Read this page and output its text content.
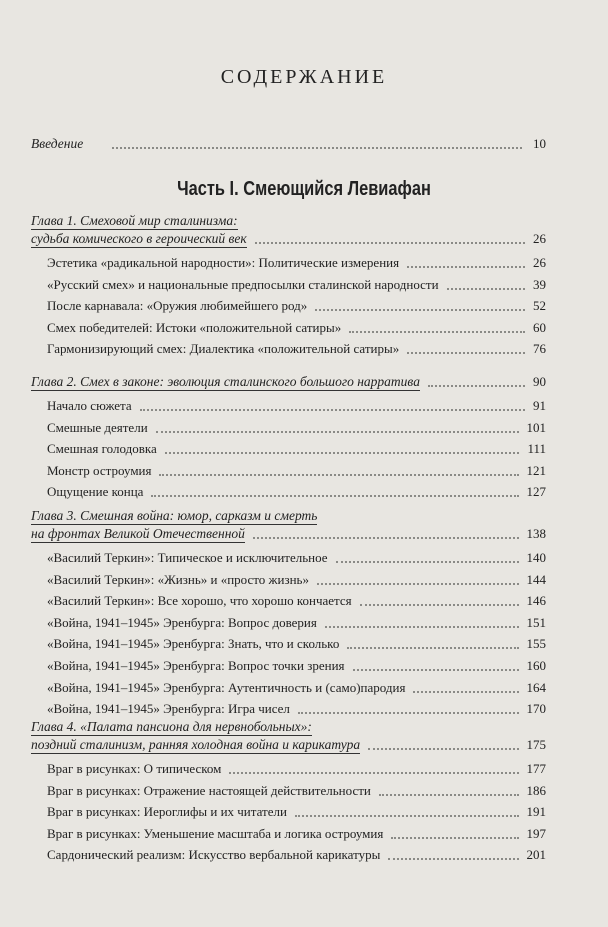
СОДЕРЖАНИЕ
Введение	10
Часть I. Смеющийся Левиафан
Глава 1. Смеховой мир сталинизма:
судьба комического в героический век	26
Эстетика «радикальной народности»: Политические измерения	26
«Русский смех» и национальные предпосылки сталинской народности	39
После карнавала: «Оружия любимейшего род»	52
Смех победителей: Истоки «положительной сатиры»	60
Гармонизирующий смех: Диалектика «положительной сатиры»	76
Глава 2. Смех в законе: эволюция сталинского большого нарратива	90
Начало сюжета	91
Смешные деятели	101
Смешная голодовка	111
Монстр остроумия	121
Ощущение конца	127
Глава 3. Смешная война: юмор, сарказм и смерть
на фронтах Великой Отечественной	138
«Василий Теркин»: Типическое и исключительное	140
«Василий Теркин»: «Жизнь» и «просто жизнь»	144
«Василий Теркин»: Все хорошо, что хорошо кончается	146
«Война, 1941–1945» Эренбурга: Вопрос доверия	151
«Война, 1941–1945» Эренбурга: Знать, что и сколько	155
«Война, 1941–1945» Эренбурга: Вопрос точки зрения	160
«Война, 1941–1945» Эренбурга: Аутентичность и (само)пародия	164
«Война, 1941–1945» Эренбурга: Игра чисел	170
Глава 4. «Палата пансиона для нервнобольных»:
поздний сталинизм, ранняя холодная война и карикатура	175
Враг в рисунках: О типическом	177
Враг в рисунках: Отражение настоящей действительности	186
Враг в рисунках: Иероглифы и их читатели	191
Враг в рисунках: Уменьшение масштаба и логика остроумия	197
Сардонический реализм: Искусство вербальной карикатуры	201
